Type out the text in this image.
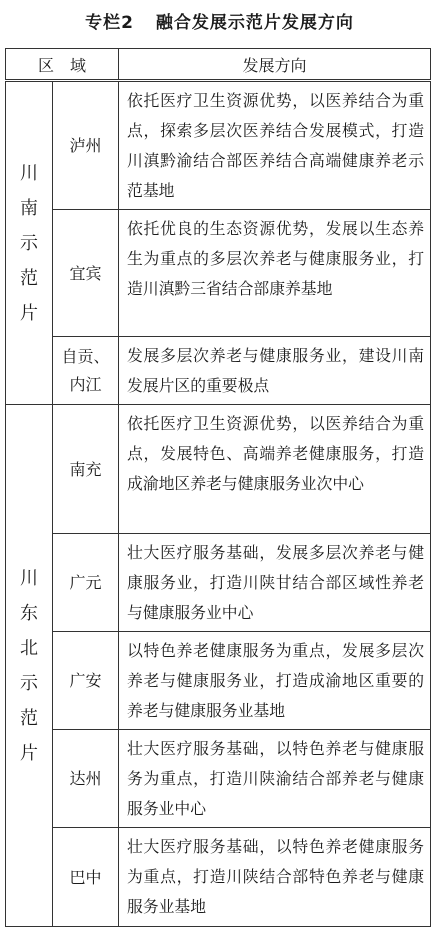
专栏2 融合发展示范片发展方向
区　域		发展方向
川南示范片	泸州	依托医疗卫生资源优势，以医养结合为重点，探索多层次医养结合发展模式，打造川滇黔渝结合部医养结合高端健康养老示范基地
	宜宾	依托优良的生态资源优势，发展以生态养生为重点的多层次养老与健康服务业，打造川滇黔三省结合部康养基地
	自贡、内江	发展多层次养老与健康服务业，建设川南发展片区的重要极点
川东北示范片	南充	依托医疗卫生资源优势，以医养结合为重点，发展特色、高端养老健康服务，打造成渝地区养老与健康服务业次中心
	广元	壮大医疗服务基础，发展多层次养老与健康服务业，打造川陕甘结合部区域性养老与健康服务业中心
	广安	以特色养老健康服务为重点，发展多层次养老与健康服务业，打造成渝地区重要的养老与健康服务业基地
	达州	壮大医疗服务基础，以特色养老与健康服务为重点，打造川陕渝结合部养老与健康服务业中心
	巴中	壮大医疗服务基础，以特色养老健康服务为重点，打造川陕结合部特色养老与健康服务业基地
